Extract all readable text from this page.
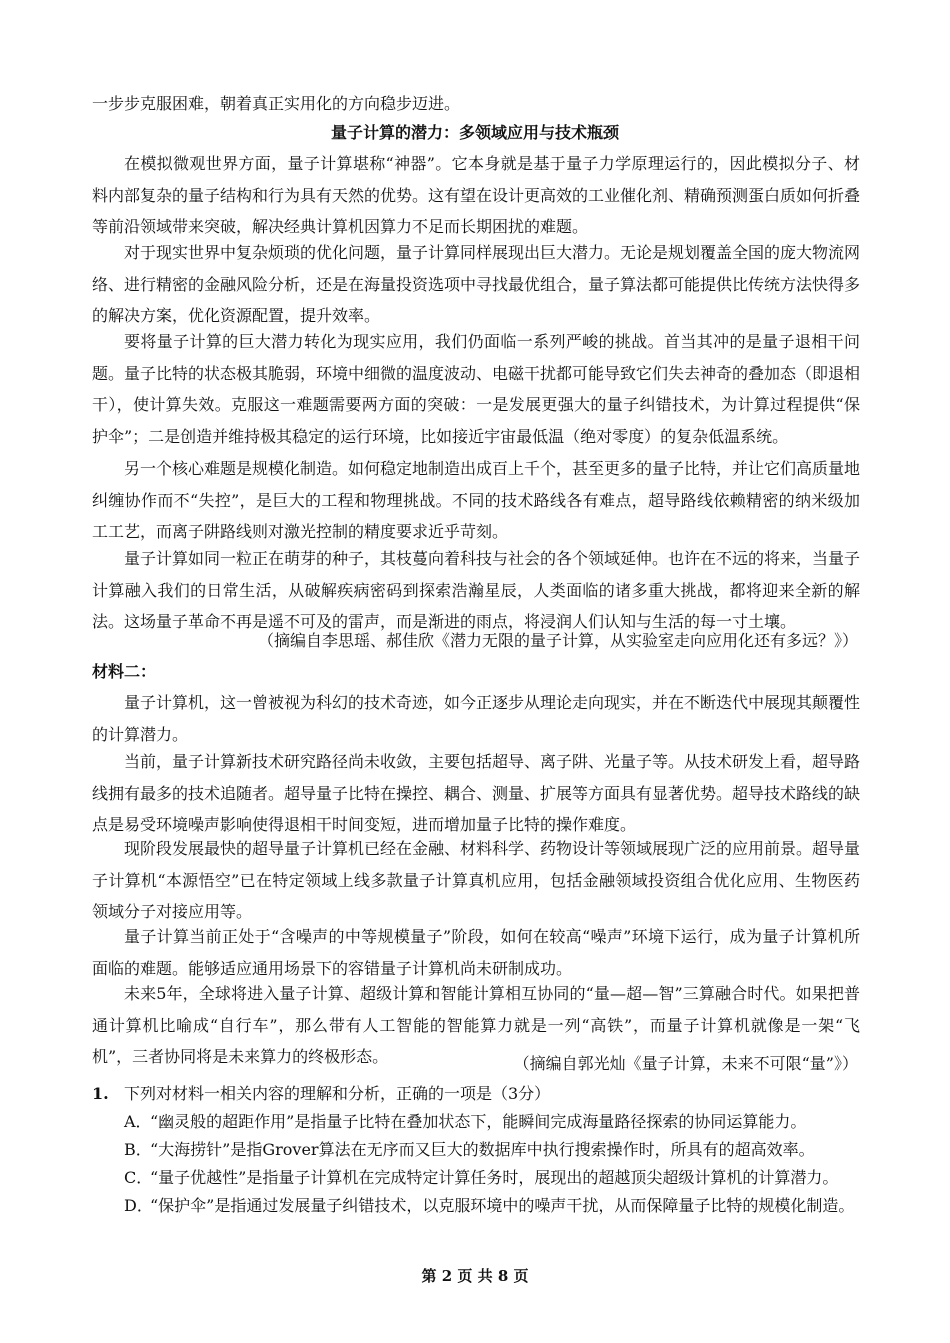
一步步克服困难，朝着真正实用化的方向稳步迈进。

量子计算的潜力：多领域应用与技术瓶颈

在模拟微观世界方面，量子计算堪称“神器”。它本身就是基于量子力学原理运行的，因此模拟分子、材料内部复杂的量子结构和行为具有天然的优势。这有望在设计更高效的工业催化剂、精确预测蛋白质如何折叠等前沿领域带来突破，解决经典计算机因算力不足而长期困扰的难题。

对于现实世界中复杂烦琐的优化问题，量子计算同样展现出巨大潜力。无论是规划覆盖全国的庞大物流网络、进行精密的金融风险分析，还是在海量投资选项中寻找最优组合，量子算法都可能提供比传统方法快得多的解决方案，优化资源配置，提升效率。

要将量子计算的巨大潜力转化为现实应用，我们仍面临一系列严峻的挑战。首当其冲的是量子退相干问题。量子比特的状态极其脆弱，环境中细微的温度波动、电磁干扰都可能导致它们失去神奇的叠加态（即退相干），使计算失效。克服这一难题需要两方面的突破：一是发展更强大的量子纠错技术，为计算过程提供“保护伞”；二是创造并维持极其稳定的运行环境，比如接近宇宙最低温（绝对零度）的复杂低温系统。

另一个核心难题是规模化制造。如何稳定地制造出成百上千个，甚至更多的量子比特，并让它们高质量地纠缠协作而不“失控”，是巨大的工程和物理挑战。不同的技术路线各有难点，超导路线依赖精密的纳米级加工工艺，而离子阱路线则对激光控制的精度要求近乎苛刻。

量子计算如同一粒正在萌芽的种子，其枝蔓向着科技与社会的各个领域延伸。也许在不远的将来，当量子计算融入我们的日常生活，从破解疾病密码到探索浩瀚星辰，人类面临的诸多重大挑战，都将迎来全新的解法。这场量子革命不再是遥不可及的雷声，而是渐进的雨点，将浸润人们认知与生活的每一寸土壤。

（摘编自李思瑶、郝佳欣《潜力无限的量子计算，从实验室走向应用化还有多远？》）

材料二：

量子计算机，这一曾被视为科幻的技术奇迹，如今正逐步从理论走向现实，并在不断迭代中展现其颠覆性的计算潜力。

当前，量子计算新技术研究路径尚未收敛，主要包括超导、离子阱、光量子等。从技术研发上看，超导路线拥有最多的技术追随者。超导量子比特在操控、耦合、测量、扩展等方面具有显著优势。超导技术路线的缺点是易受环境噪声影响使得退相干时间变短，进而增加量子比特的操作难度。

现阶段发展最快的超导量子计算机已经在金融、材料科学、药物设计等领域展现广泛的应用前景。超导量子计算机“本源悟空”已在特定领域上线多款量子计算真机应用，包括金融领域投资组合优化应用、生物医药领域分子对接应用等。

量子计算当前正处于“含噪声的中等规模量子”阶段，如何在较高“噪声”环境下运行，成为量子计算机所面临的难题。能够适应通用场景下的容错量子计算机尚未研制成功。

未来5年，全球将进入量子计算、超级计算和智能计算相互协同的“量—超—智”三算融合时代。如果把普通计算机比喻成“自行车”，那么带有人工智能的智能算力就是一列“高铁”，而量子计算机就像是一架“飞机”，三者协同将是未来算力的终极形态。	（摘编自郭光灿《量子计算，未来不可限“量”》）

1. 下列对材料一相关内容的理解和分析，正确的一项是（3分）

A．
“幽灵般的超距作用”是指量子比特在叠加状态下，能瞬间完成海量路径探索的协同运算能力。
B．
“大海捞针”是指Grover算法在无序而又巨大的数据库中执行搜索操作时，所具有的超高效率。
C．
“量子优越性”是指量子计算机在完成特定计算任务时，展现出的超越顶尖超级计算机的计算潜力。
D．
“保护伞”是指通过发展量子纠错技术，以克服环境中的噪声干扰，从而保障量子比特的规模化制造。

第 2 页 共 8 页
